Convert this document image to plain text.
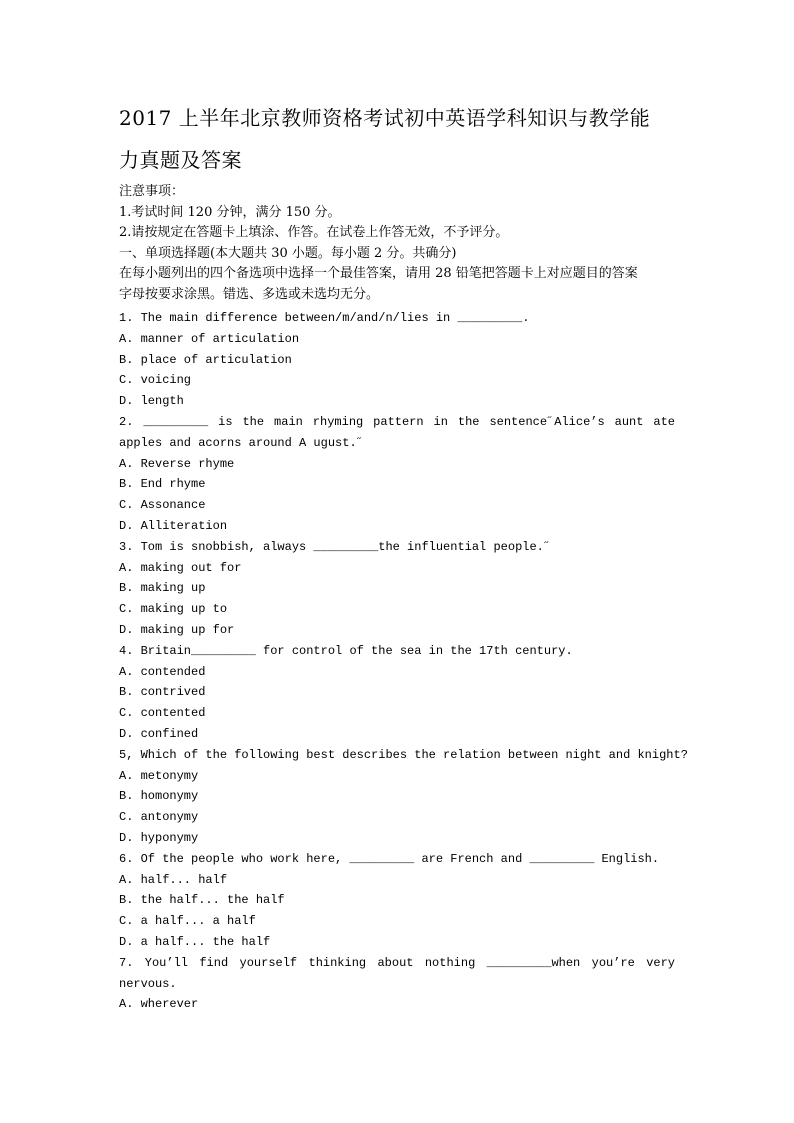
2017 上半年北京教师资格考试初中英语学科知识与教学能
力真题及答案
注意事项：
1.考试时间 120 分钟，满分 150 分。
2.请按规定在答题卡上填涂、作答。在试卷上作答无效，不予评分。
一、单项选择题(本大题共 30 小题。每小题 2 分。共确分)
在每小题列出的四个备选项中选择一个最佳答案，请用 28 铅笔把答题卡上对应题目的答案
字母按要求涂黑。错选、多选或未选均无分。
1. The main difference between/m/and/n/lies in _________.
A. manner of articulation
B. place of articulation
C. voicing
D. length
2. _________ is the main rhyming pattern in the sentence˝Alice’s aunt ate
apples and acorns around A ugust.˝
A. Reverse rhyme
B. End rhyme
C. Assonance
D. Alliteration
3. Tom is snobbish, always _________the influential people.˝
A. making out for
B. making up
C. making up to
D. making up for
4. Britain_________ for control of the sea in the 17th century.
A. contended
B. contrived
C. contented
D. confined
5, Which of the following best describes the relation between night and knight?
A. metonymy
B. homonymy
C. antonymy
D. hyponymy
6. Of the people who work here, _________ are French and _________ English.
A. half... half
B. the half... the half
C. a half... a half
D. a half... the half
7. You’ll find yourself thinking about nothing _________when you’re very
nervous.
A. wherever
